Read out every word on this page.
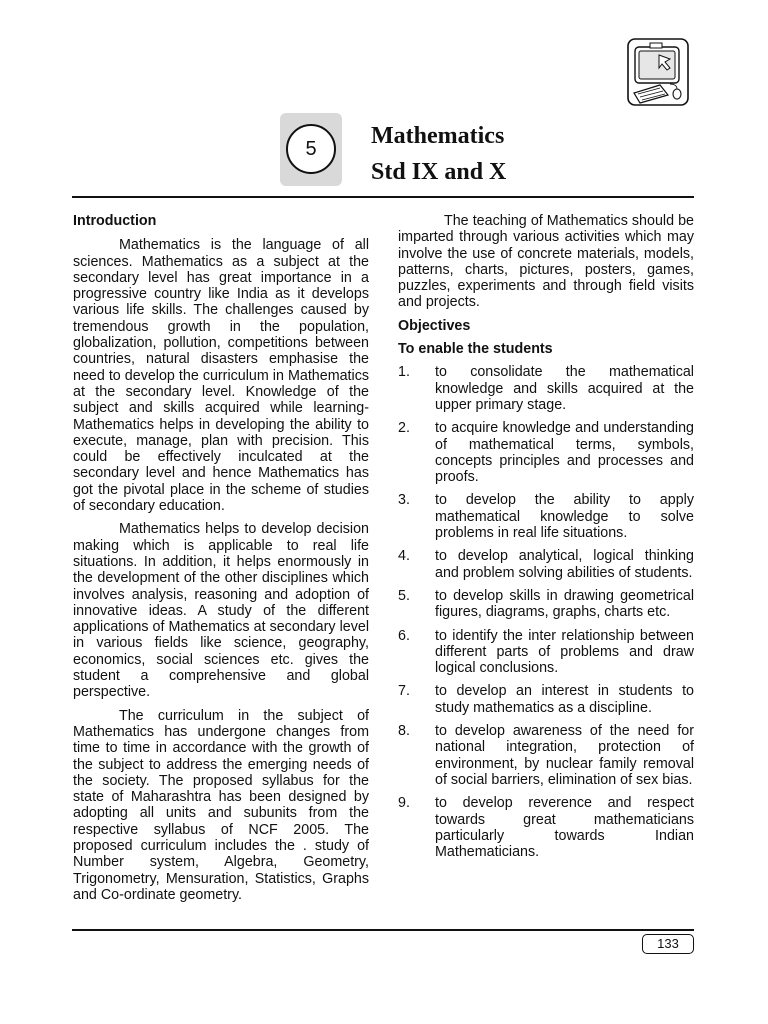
5	Mathematics
Std IX and X
Introduction

Mathematics is the language of all sciences. Mathematics as a subject at the secondary level has great importance in a progressive country like India as it develops various life skills. The challenges caused by tremendous growth in the population, globalization, pollution, competitions between countries, natural disasters emphasise the need to develop the curriculum in Mathematics at the secondary level. Knowledge of the subject and skills acquired while learning-Mathematics helps in developing the ability to execute, manage, plan with precision. This could be effectively inculcated at the secondary level and hence Mathematics has got the pivotal place in the scheme of studies of secondary education.

Mathematics helps to develop decision making which is applicable to real life situations. In addition, it helps enormously in the development of the other disciplines which involves analysis, reasoning and adoption of innovative ideas. A study of the different applications of Mathematics at secondary level in various fields like science, geography, economics, social sciences etc. gives the student a comprehensive and global perspective.

The curriculum in the subject of Mathematics has undergone changes from time to time in accordance with the growth of the subject to address the emerging needs of the society. The proposed syllabus for the state of Maharashtra has been designed by adopting all units and subunits from the respective syllabus of NCF 2005. The proposed curriculum includes the . study of Number system, Algebra, Geometry, Trigonometry, Mensuration, Statistics, Graphs and Co-ordinate geometry.

The teaching of Mathematics should be imparted through various activities which may involve the use of concrete materials, models, patterns, charts, pictures, posters, games, puzzles, experiments and through field visits and projects.

Objectives
To enable the students
1.	to consolidate the mathematical knowledge and skills acquired at the upper primary stage.
2.	to acquire knowledge and understanding of mathematical terms, symbols, concepts principles and processes and proofs.
3.	to develop the ability to apply mathematical knowledge to solve problems in real life situations.
4.	to develop analytical, logical thinking and problem solving abilities of students.
5.	to develop skills in drawing geometrical figures, diagrams, graphs, charts etc.
6.	to identify the inter relationship between different parts of problems and draw logical conclusions.
7.	to develop an interest in students to study mathematics as a discipline.
8.	to develop awareness of the need for national integration, protection of environment, by nuclear family removal of social barriers, elimination of sex bias.
9.	to develop reverence and respect towards great mathematicians particularly towards Indian Mathematicians.
133
